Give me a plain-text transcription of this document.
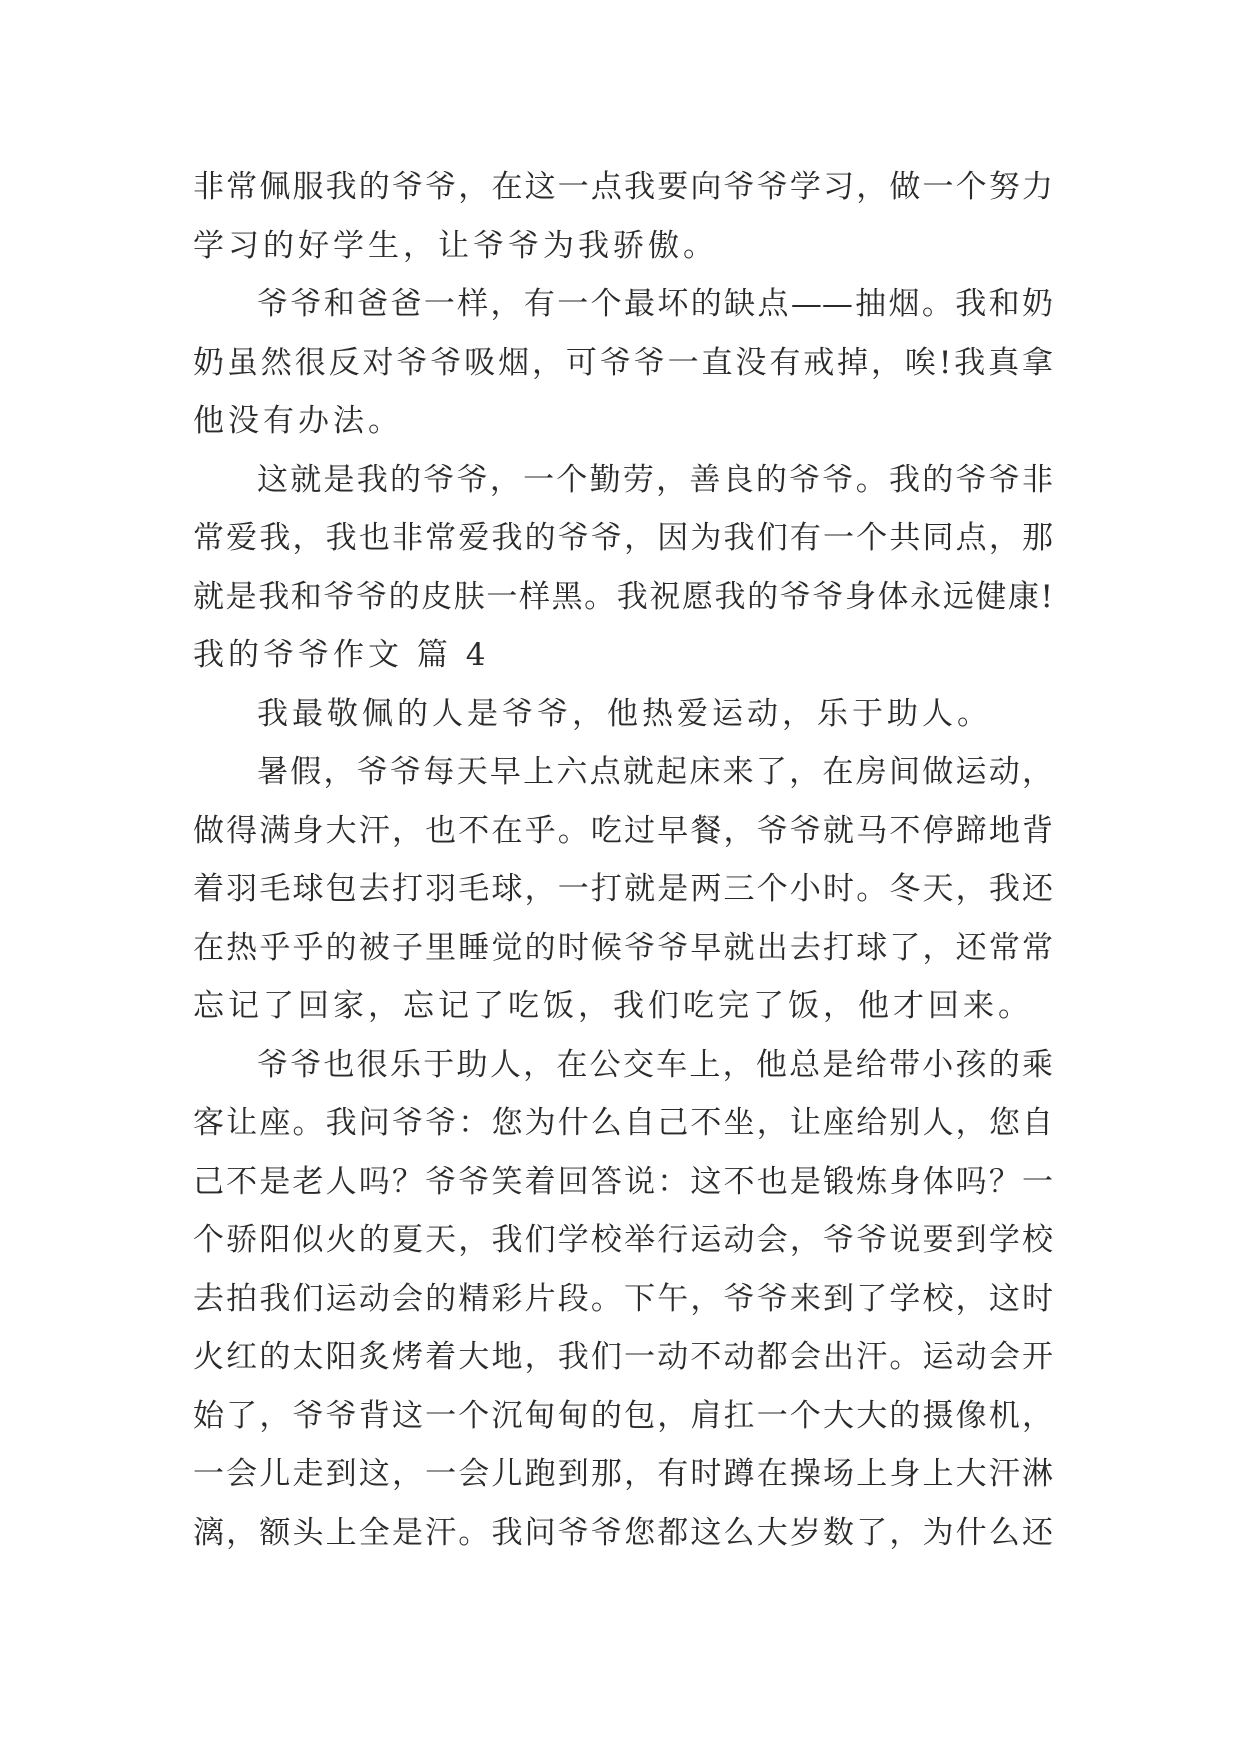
非常佩服我的爷爷，在这一点我要向爷爷学习，做一个努力
学习的好学生，让爷爷为我骄傲。
爷爷和爸爸一样，有一个最坏的缺点——抽烟。我和奶
奶虽然很反对爷爷吸烟，可爷爷一直没有戒掉，唉!我真拿
他没有办法。
这就是我的爷爷，一个勤劳，善良的爷爷。我的爷爷非
常爱我，我也非常爱我的爷爷，因为我们有一个共同点，那
就是我和爷爷的皮肤一样黑。我祝愿我的爷爷身体永远健康!
我的爷爷作文 篇 4
我最敬佩的人是爷爷，他热爱运动，乐于助人。
暑假，爷爷每天早上六点就起床来了，在房间做运动，
做得满身大汗，也不在乎。吃过早餐，爷爷就马不停蹄地背
着羽毛球包去打羽毛球，一打就是两三个小时。冬天，我还
在热乎乎的被子里睡觉的时候爷爷早就出去打球了，还常常
忘记了回家，忘记了吃饭，我们吃完了饭，他才回来。
爷爷也很乐于助人，在公交车上，他总是给带小孩的乘
客让座。我问爷爷：您为什么自己不坐，让座给别人，您自
己不是老人吗？爷爷笑着回答说：这不也是锻炼身体吗？一
个骄阳似火的夏天，我们学校举行运动会，爷爷说要到学校
去拍我们运动会的精彩片段。下午，爷爷来到了学校，这时
火红的太阳炙烤着大地，我们一动不动都会出汗。运动会开
始了，爷爷背这一个沉甸甸的包，肩扛一个大大的摄像机，
一会儿走到这，一会儿跑到那，有时蹲在操场上身上大汗淋
漓，额头上全是汗。我问爷爷您都这么大岁数了，为什么还
